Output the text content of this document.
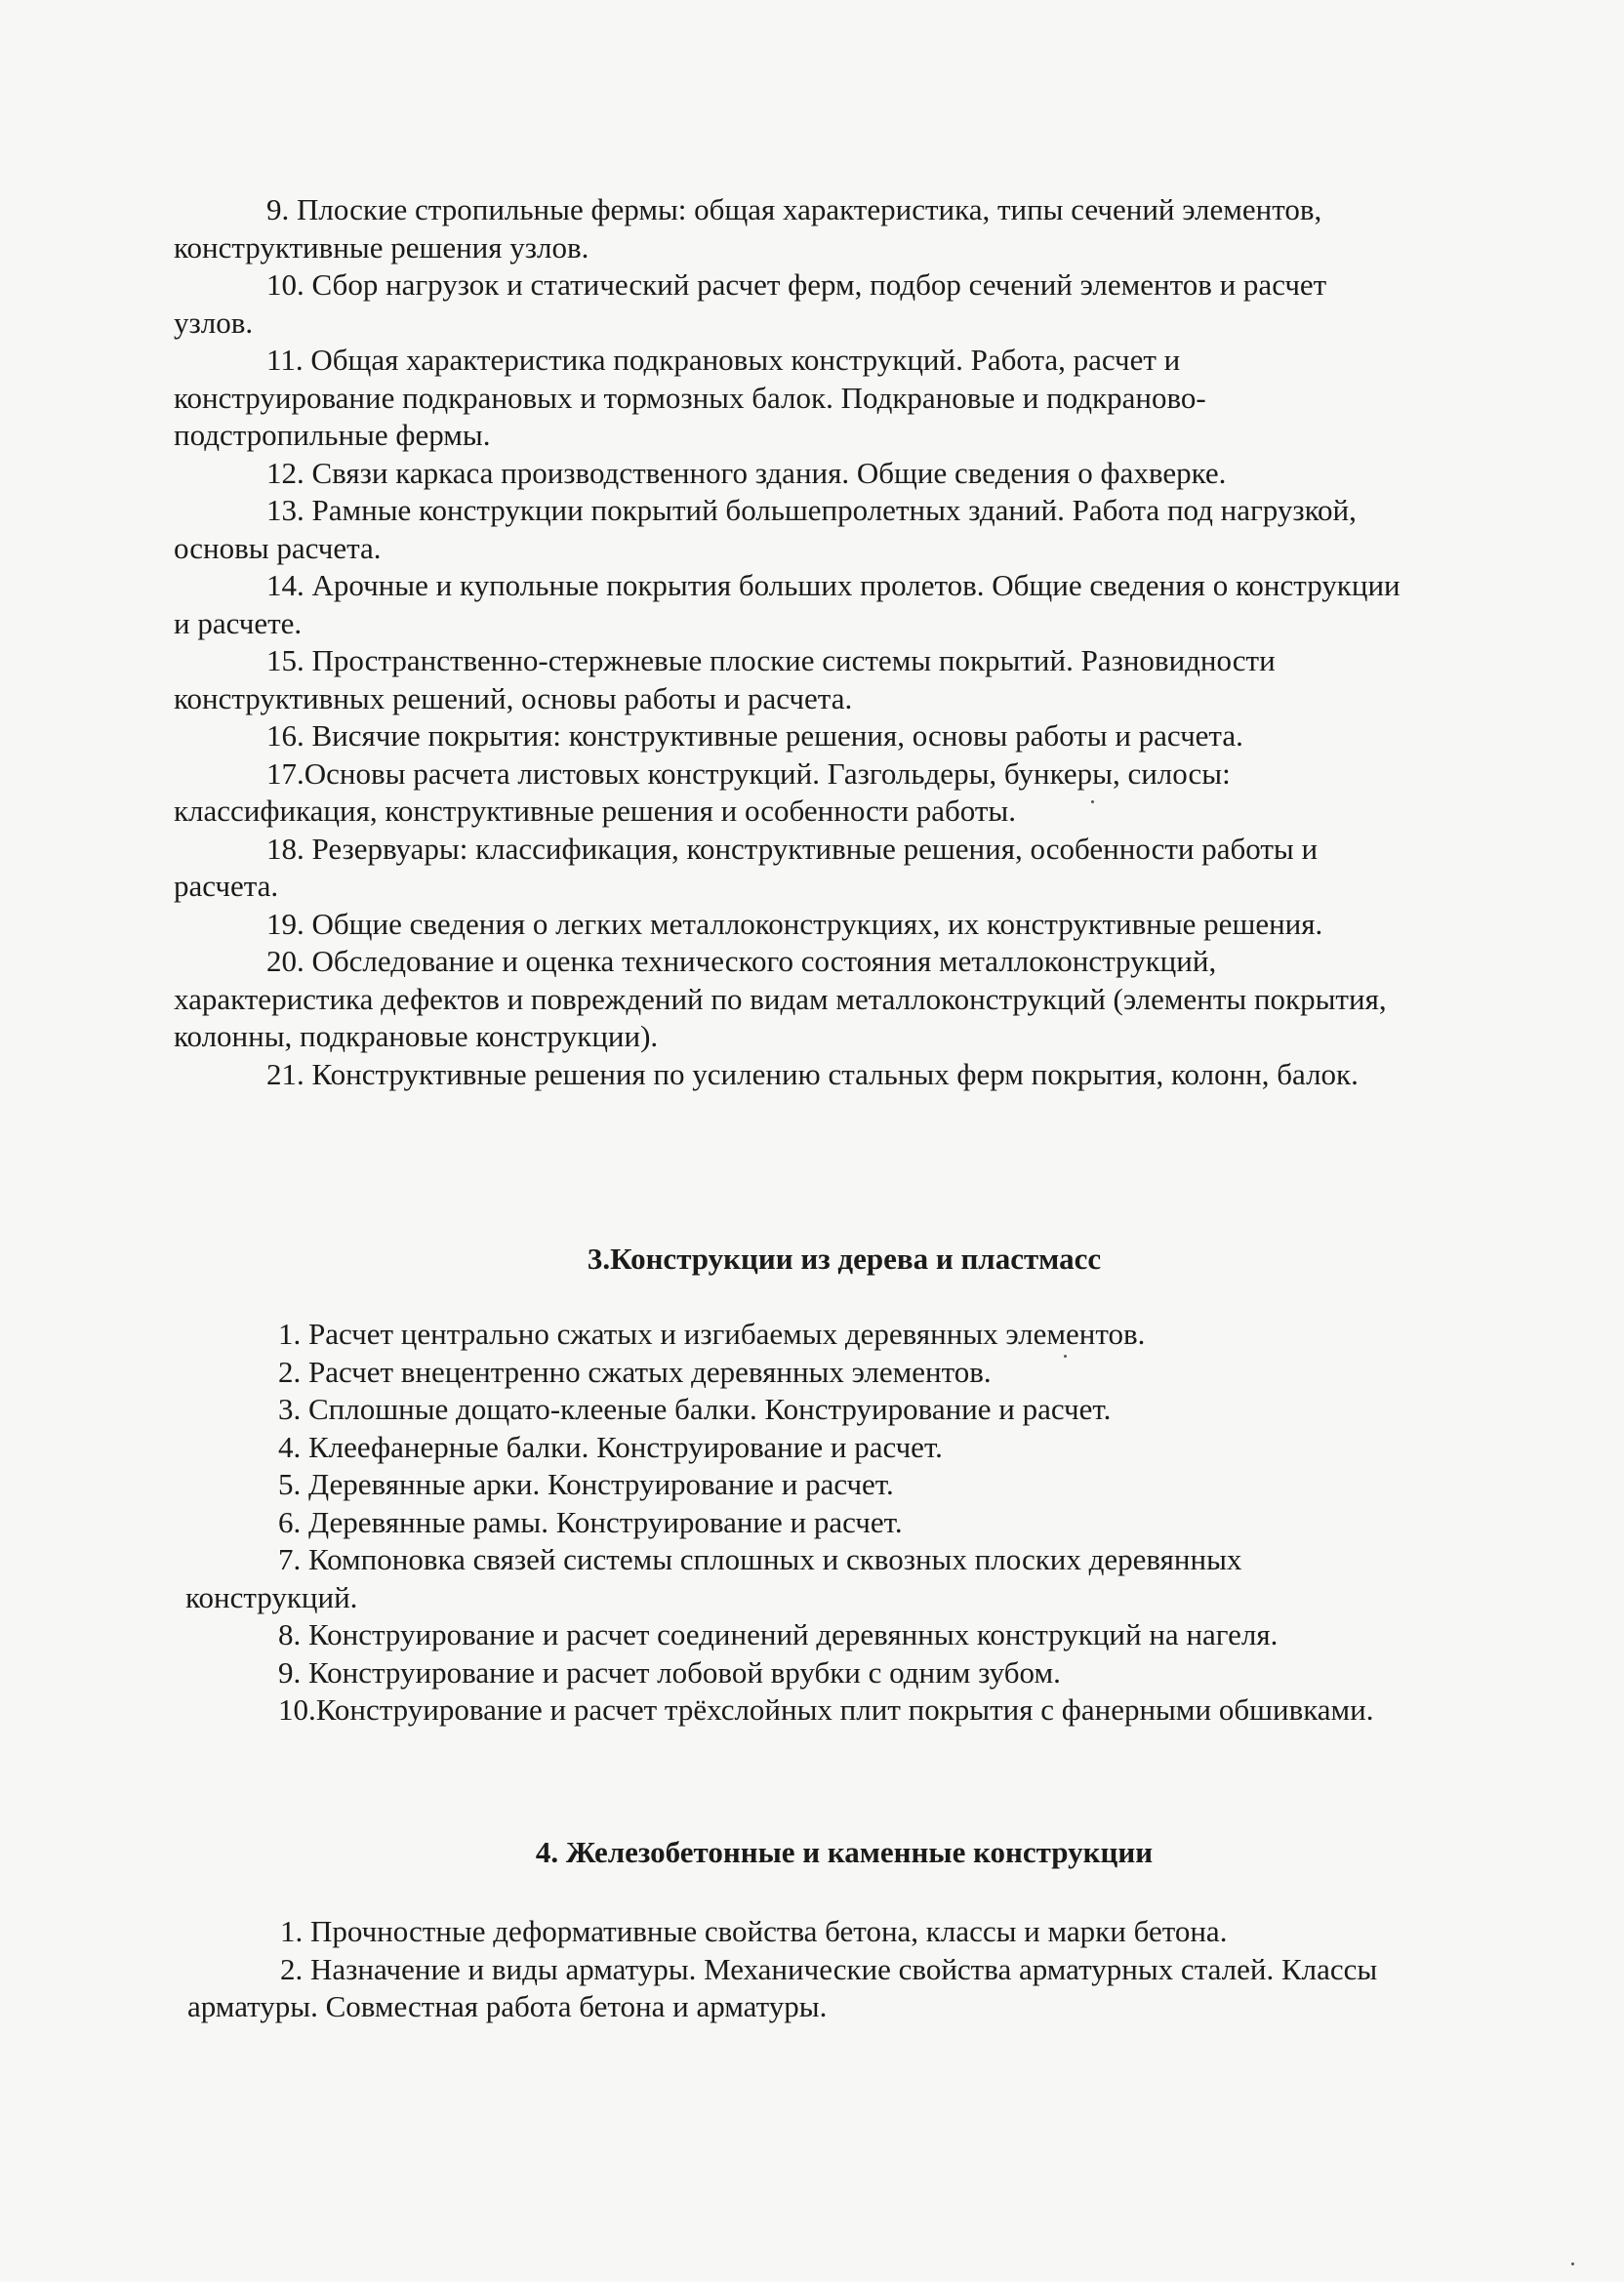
9. Плоские стропильные фермы: общая характеристика, типы сечений элементов, конструктивные решения узлов.

10. Сбор нагрузок и статический расчет ферм, подбор сечений элементов и расчет узлов.

11. Общая характеристика подкрановых конструкций. Работа, расчет и конструирование подкрановых и тормозных балок. Подкрановые и подкраново-подстропильные фермы.

12. Связи каркаса производственного здания. Общие сведения о фахверке.

13. Рамные конструкции покрытий большепролетных зданий. Работа под нагрузкой, основы расчета.

14. Арочные и купольные покрытия больших пролетов. Общие сведения о конструкции и расчете.

15. Пространственно-стержневые плоские системы покрытий. Разновидности конструктивных решений, основы работы и расчета.

16. Висячие покрытия: конструктивные решения, основы работы и расчета.

17.Основы расчета листовых конструкций. Газгольдеры, бункеры, силосы: классификация, конструктивные решения и особенности работы.

18. Резервуары: классификация, конструктивные решения, особенности работы и расчета.

19. Общие сведения о легких металлоконструкциях, их конструктивные решения.

20. Обследование и оценка технического состояния металлоконструкций, характеристика дефектов и повреждений по видам металлоконструкций (элементы покрытия, колонны, подкрановые конструкции).

21. Конструктивные решения по усилению стальных ферм покрытия, колонн, балок.

3.Конструкции из дерева и пластмасс

1. Расчет центрально сжатых и изгибаемых деревянных элементов.

2. Расчет внецентренно сжатых деревянных элементов.

3. Сплошные дощато-клееные балки. Конструирование и расчет.

4. Клеефанерные балки. Конструирование и расчет.

5. Деревянные арки. Конструирование и расчет.

6. Деревянные рамы. Конструирование и расчет.

7. Компоновка связей системы сплошных и сквозных плоских деревянных конструкций.

8. Конструирование и расчет соединений деревянных конструкций на нагеля.

9. Конструирование и расчет лобовой врубки с одним зубом.

10.Конструирование и расчет трёхслойных плит покрытия с фанерными обшивками.

4. Железобетонные и каменные конструкции

1. Прочностные деформативные свойства бетона, классы и марки бетона.

2. Назначение и виды арматуры. Механические свойства арматурных сталей. Классы арматуры. Совместная работа бетона и арматуры.
